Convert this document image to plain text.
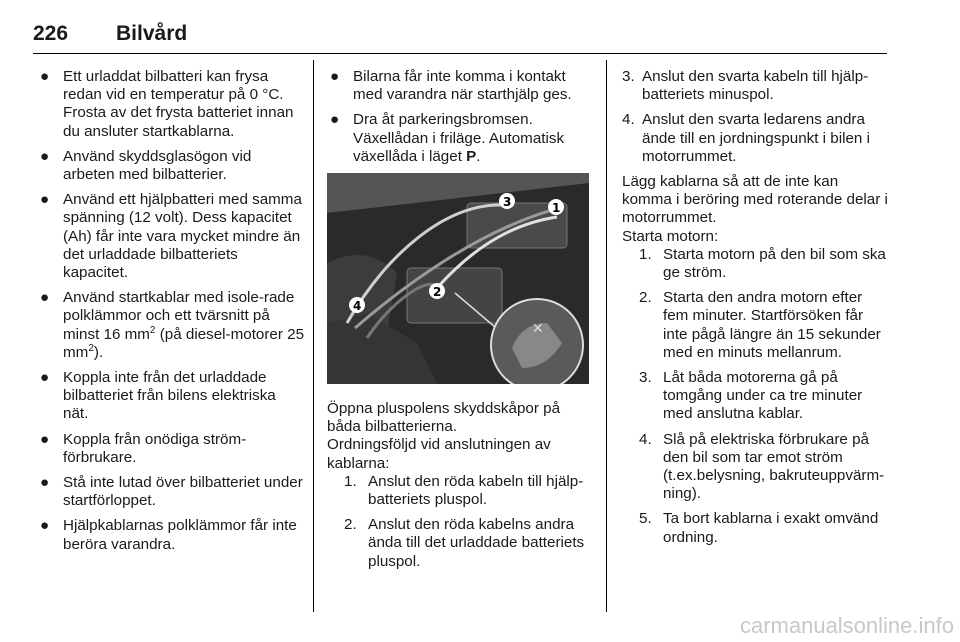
226 Bilvård
● Ett urladdat bilbatteri kan frysa redan vid en temperatur på 0 °C. Frosta av det frysta batteriet innan du ansluter startkablarna.
● Använd skyddsglasögon vid arbeten med bilbatterier.
● Använd ett hjälpbatteri med samma spänning (12 volt). Dess kapacitet (Ah) får inte vara mycket mindre än det urladdade bilbatteriets kapacitet.
● Använd startkablar med isole-rade polklämmor och ett tvärsnitt på minst 16 $mm^2$ (på diesel-motorer 25 $mm^2$).
● Koppla inte från det urladdade bilbatteriet från bilens elektriska nät.
● Koppla från onödiga ström-förbrukare.
● Stå inte lutad över bilbatteriet under startförloppet.
● Hjälpkablarnas polklämmor får inte beröra varandra.
● Bilarna får inte komma i kontakt med varandra när starthjälp ges.
● Dra åt parkeringsbromsen. Växellådan i friläge. Automatisk växellåda i läget P.
✕
3	1
2
4

Öppna pluspolens skyddskåpor på båda bilbatterierna.

Ordningsföljd vid anslutningen av kablarna:

1. Anslut den röda kabeln till hjälp-batteriets pluspol.
2. Anslut den röda kabelns andra ända till det urladdade batteriets pluspol.
3. Anslut den svarta kabeln till hjälp-batteriets minuspol.
4. Anslut den svarta ledarens andra ände till en jordningspunkt i bilen i motorrummet.

Lägg kablarna så att de inte kan komma i beröring med roterande delar i motorrummet.

Starta motorn:

1. Starta motorn på den bil som ska ge ström.
2. Starta den andra motorn efter fem minuter. Startförsöken får inte pågå längre än 15 sekunder med en minuts mellanrum.
3. Låt båda motorerna gå på tomgång under ca tre minuter med anslutna kablar.
4. Slå på elektriska förbrukare på den bil som tar emot ström (t.ex.belysning, bakruteuppvärm-ning).
5. Ta bort kablarna i exakt omvänd ordning.
carmanualsonline.info
